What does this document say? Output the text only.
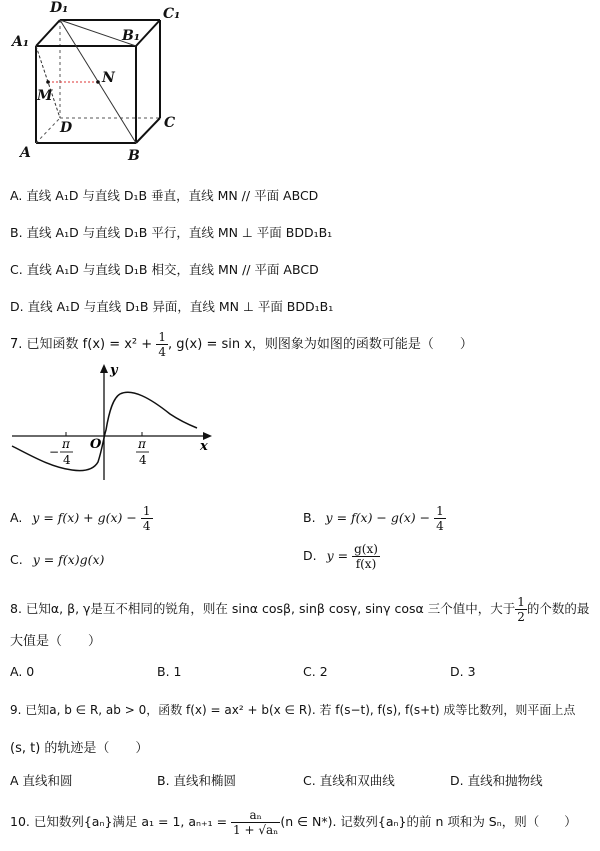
D₁	C₁
A₁	B₁
N
M
D	C
A	B
A. 直线 A₁D 与直线 D₁B 垂直，直线 MN // 平面 ABCD
B. 直线 A₁D 与直线 D₁B 平行，直线 MN ⊥ 平面 BDD₁B₁
C. 直线 A₁D 与直线 D₁B 相交，直线 MN // 平面 ABCD
D. 直线 A₁D 与直线 D₁B 异面，直线 MN ⊥ 平面 BDD₁B₁
7. 已知函数 $f(x) = x^2 + \frac{1}{4}$ , g(x) = sin x，则图象为如图的函数可能是（　　）
y
x
O
−
π
4
π
4
A. $y = f(x) + g(x) - \frac{1}{4}$	B. $y = f(x) - g(x) - \frac{1}{4}$
C. y = f(x)g(x)	D. $y = \frac{g(x)}{f(x)}$
8. 已知α, β, γ是互不相同的锐角，则在 sinα cosβ, sinβ cosγ, sinγ cosα 三个值中，大于 $\frac{1}{2}$ 的个数的最
大值是（　　）
A. 0	B. 1	C. 2	D. 3
9. 已知a, b ∈ R, ab > 0，函数 f(x) = ax² + b(x ∈ R). 若 f(s−t), f(s), f(s+t) 成等比数列，则平面上点
(s, t) 的轨迹是（　　）
A 直线和圆	B. 直线和椭圆	C. 直线和双曲线	D. 直线和抛物线
10. 已知数列{aₙ}满足 a₁ = 1, $a_{n+1} = \frac{\text{aₙ}}{\text{1 + √aₙ}} (n$ ∈ N*). 记数列{aₙ}的前 n 项和为 Sₙ，则（　　）
